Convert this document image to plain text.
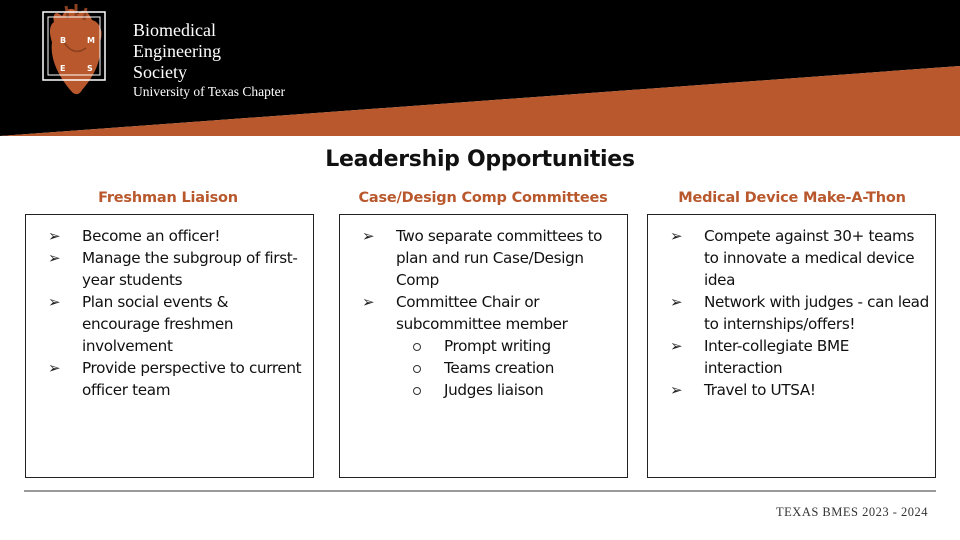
B	M
E	S
Biomedical
Engineering
Society
University of Texas Chapter
Leadership Opportunities
Freshman Liaison	Case/Design Comp Committees	Medical Device Make-A-Thon
➢ Become an officer!
➢ Manage the subgroup of first-year students
➢ Plan social events & encourage freshmen involvement
➢ Provide perspective to current officer team
➢ Two separate committees to plan and run Case/Design Comp
➢ Committee Chair or subcommittee member
Prompt writing
Teams creation
Judges liaison
➢ Compete against 30+ teams to innovate a medical device idea
➢ Network with judges - can lead to internships/offers!
➢ Inter-collegiate BME interaction
➢ Travel to UTSA!
TEXAS BMES 2023 - 2024
